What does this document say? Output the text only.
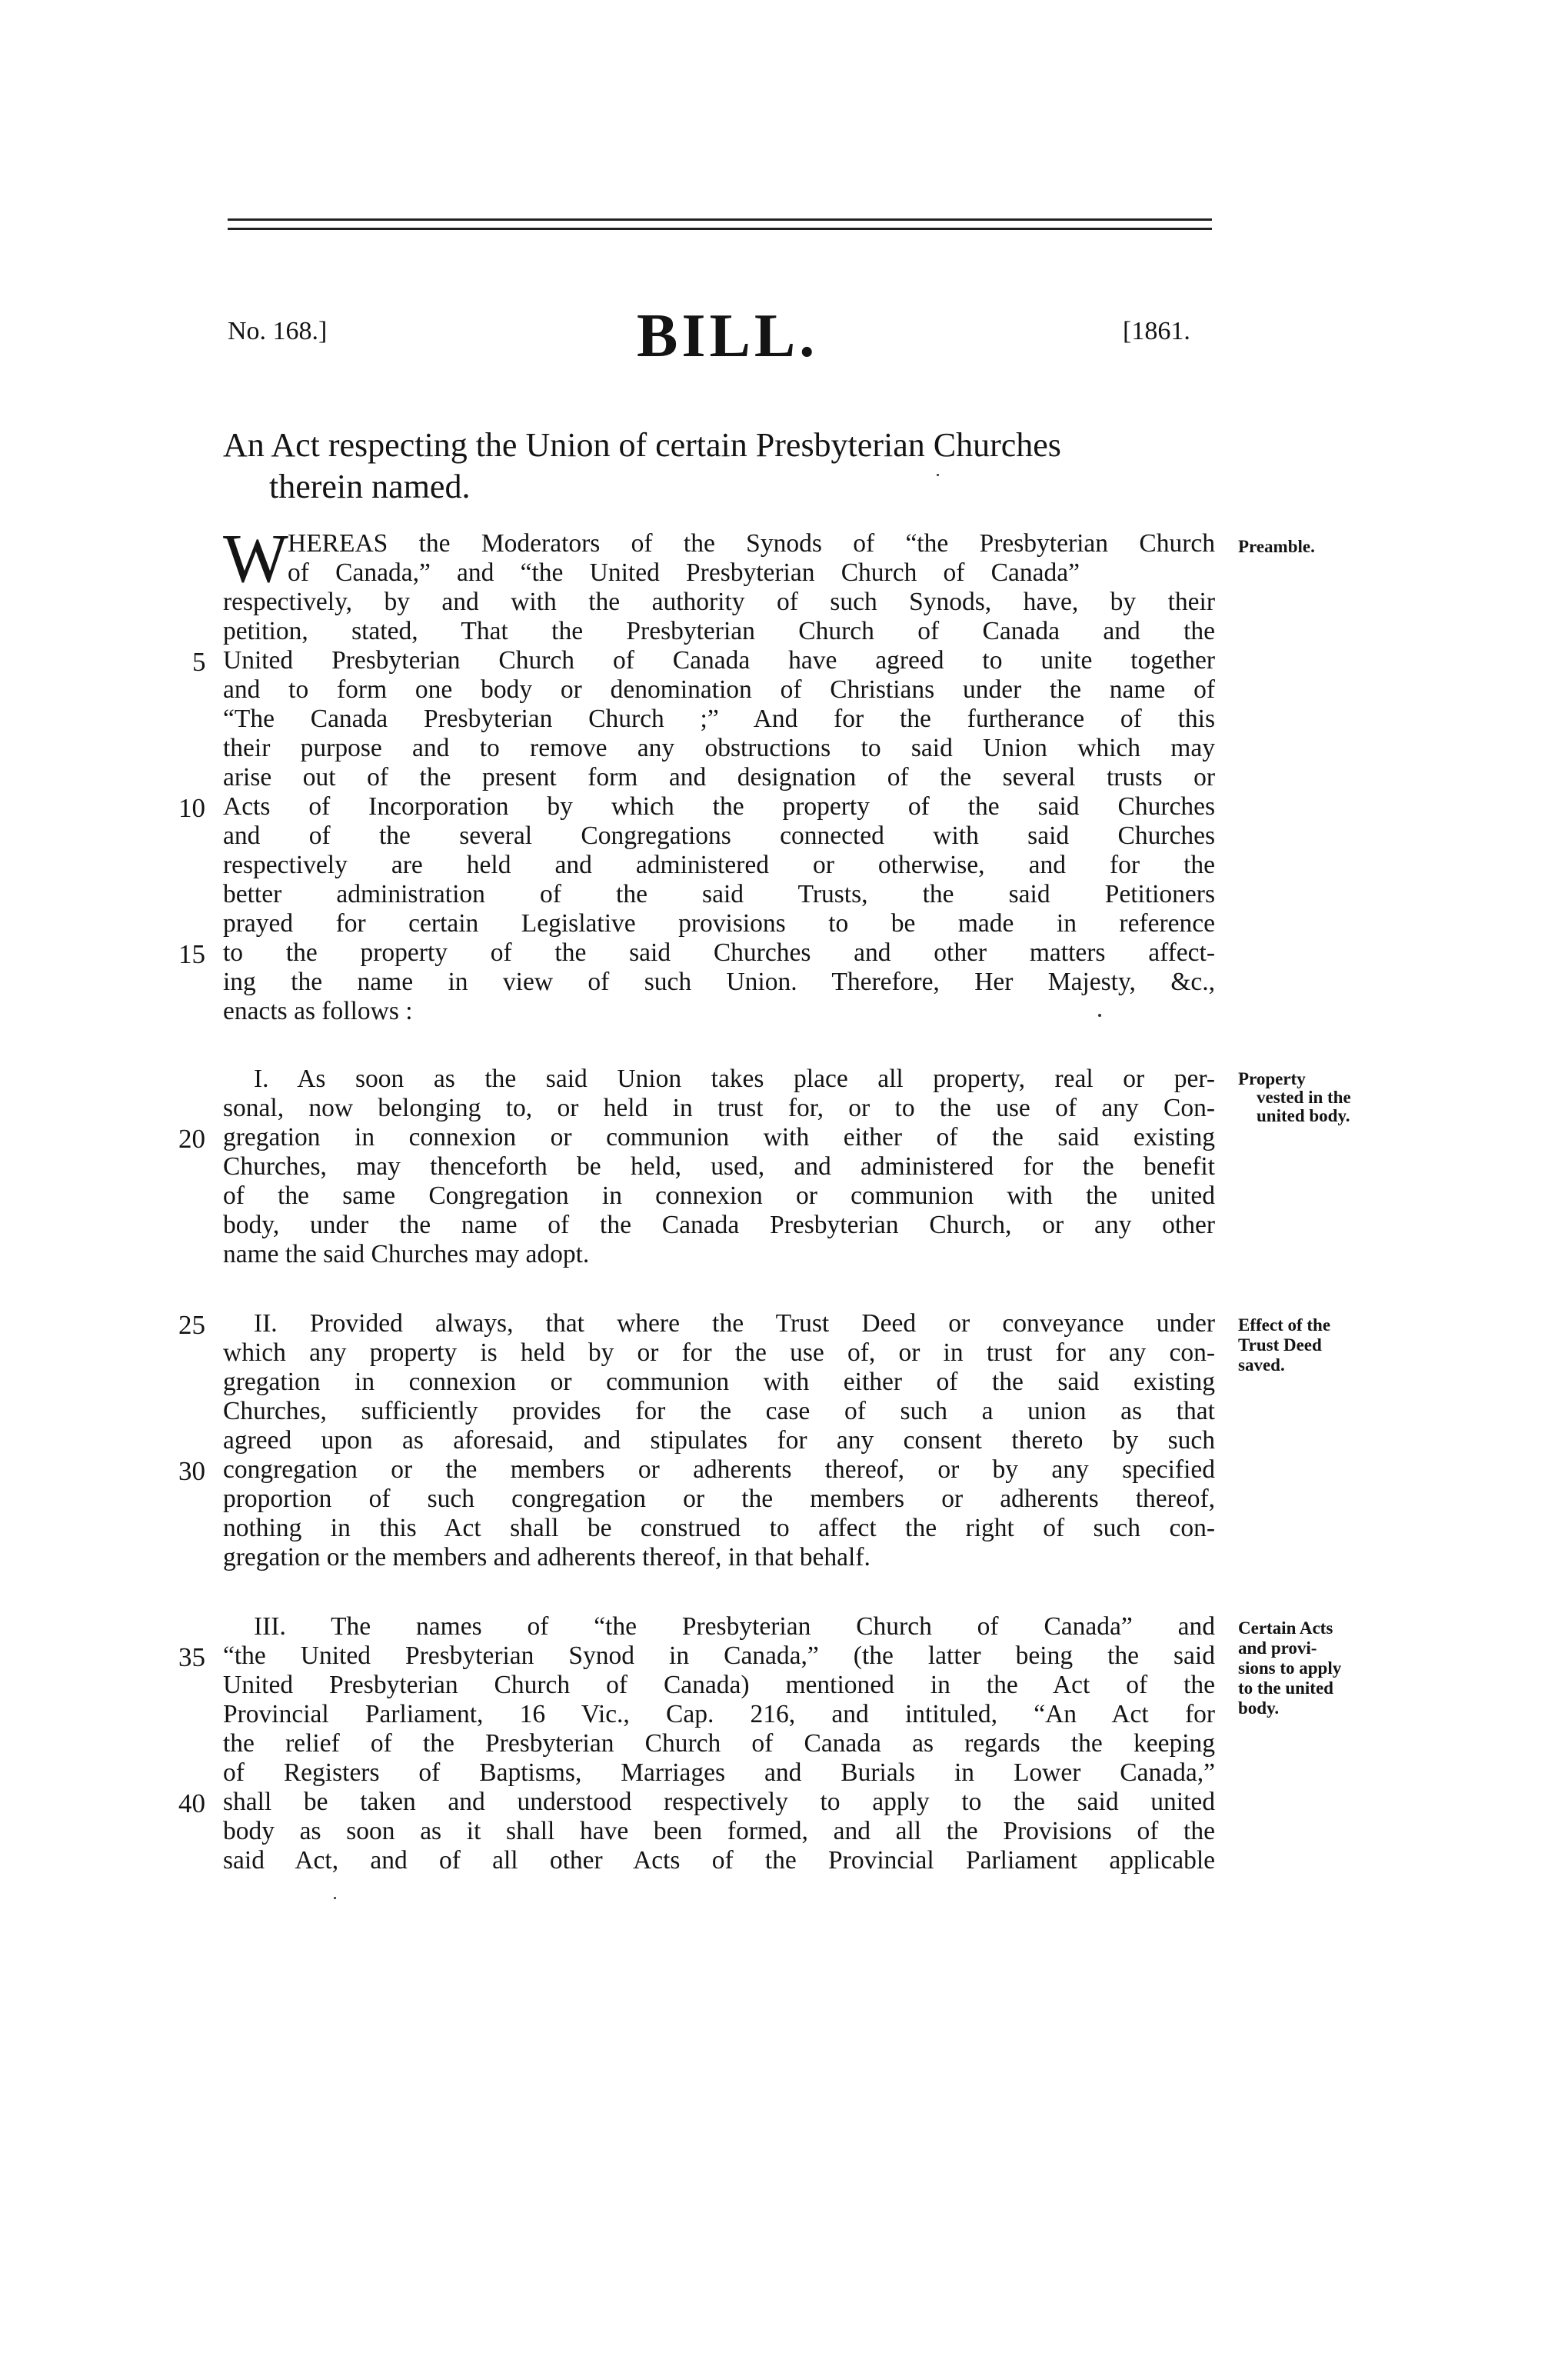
No. 168.]	BILL.	[1861.
An Act respecting the Union of certain Presbyterian Churches
therein named.
W HEREAS the Moderators of the Synods of “the Presbyterian Church
of Canada,” and “the United Presbyterian Church of Canada”
respectively, by and with the authority of such Synods, have, by their
petition, stated, That the Presbyterian Church of Canada and the
United Presbyterian Church of Canada have agreed to unite together
and to form one body or denomination of Christians under the name of
“The Canada Presbyterian Church ;” And for the furtherance of this
their purpose and to remove any obstructions to said Union which may
arise out of the present form and designation of the several trusts or
Acts of Incorporation by which the property of the said Churches
and of the several Congregations connected with said Churches
respectively are held and administered or otherwise, and for the
better administration of the said Trusts, the said Petitioners
prayed for certain Legislative provisions to be made in reference
to the property of the said Churches and other matters affect-
ing the name in view of such Union. Therefore, Her Majesty, &c.,
enacts as follows :
I. As soon as the said Union takes place all property, real or per-
sonal, now belonging to, or held in trust for, or to the use of any Con-
gregation in connexion or communion with either of the said existing
Churches, may thenceforth be held, used, and administered for the benefit
of the same Congregation in connexion or communion with the united
body, under the name of the Canada Presbyterian Church, or any other
name the said Churches may adopt.
II. Provided always, that where the Trust Deed or conveyance under
which any property is held by or for the use of, or in trust for any con-
gregation in connexion or communion with either of the said existing
Churches, sufficiently provides for the case of such a union as that
agreed upon as aforesaid, and stipulates for any consent thereto by such
congregation or the members or adherents thereof, or by any specified
proportion of such congregation or the members or adherents thereof,
nothing in this Act shall be construed to affect the right of such con-
gregation or the members and adherents thereof, in that behalf.
III. The names of “the Presbyterian Church of Canada” and
“the United Presbyterian Synod in Canada,” (the latter being the said
United Presbyterian Church of Canada) mentioned in the Act of the
Provincial Parliament, 16 Vic., Cap. 216, and intituled, “An Act for
the relief of the Presbyterian Church of Canada as regards the keeping
of Registers of Baptisms, Marriages and Burials in Lower Canada,”
shall be taken and understood respectively to apply to the said united
body as soon as it shall have been formed, and all the Provisions of the
said Act, and of all other Acts of the Provincial Parliament applicable
5
10
15
20
25
30
35
40
Preamble.
Property
vested in the
united body.
Effect of the
Trust Deed
saved.
Certain Acts
and provi-
sions to apply
to the united
body.
